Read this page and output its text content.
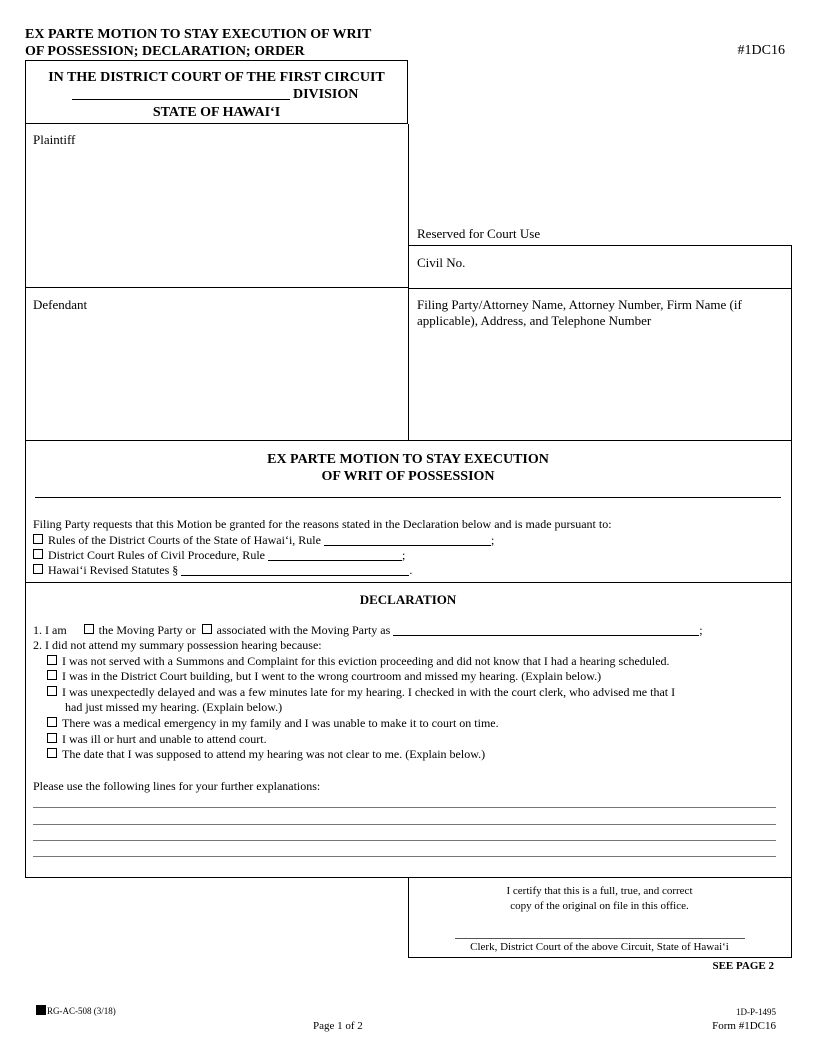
EX PARTE MOTION TO STAY EXECUTION OF WRIT
OF POSSESSION; DECLARATION; ORDER	#1DC16
IN THE DISTRICT COURT OF THE FIRST CIRCUIT
DIVISION
STATE OF HAWAI‘I
Plaintiff
Defendant
Reserved for Court Use
Civil No.
Filing Party/Attorney Name, Attorney Number, Firm Name (if
applicable), Address, and Telephone Number
EX PARTE MOTION TO STAY EXECUTION
OF WRIT OF POSSESSION
Filing Party requests that this Motion be granted for the reasons stated in the Declaration below and is made pursuant to:
Rules of the District Courts of the State of Hawai‘i, Rule	;
District Court Rules of Civil Procedure, Rule	;
Hawai‘i Revised Statutes §	.
DECLARATION
1. I am	the Moving Party or associated with the Moving Party as	;
2. I did not attend my summary possession hearing because:
I was not served with a Summons and Complaint for this eviction proceeding and did not know that I had a hearing scheduled.
I was in the District Court building, but I went to the wrong courtroom and missed my hearing. (Explain below.)
I was unexpectedly delayed and was a few minutes late for my hearing. I checked in with the court clerk, who advised me that I
had just missed my hearing. (Explain below.)
There was a medical emergency in my family and I was unable to make it to court on time.
I was ill or hurt and unable to attend court.
The date that I was supposed to attend my hearing was not clear to me. (Explain below.)
Please use the following lines for your further explanations:
I certify that this is a full, true, and correct
copy of the original on file in this office.
Clerk, District Court of the above Circuit, State of Hawai‘i
SEE PAGE 2
RG-AC-508 (3/18)
Page 1 of 2
1D-P-1495
Form #1DC16
